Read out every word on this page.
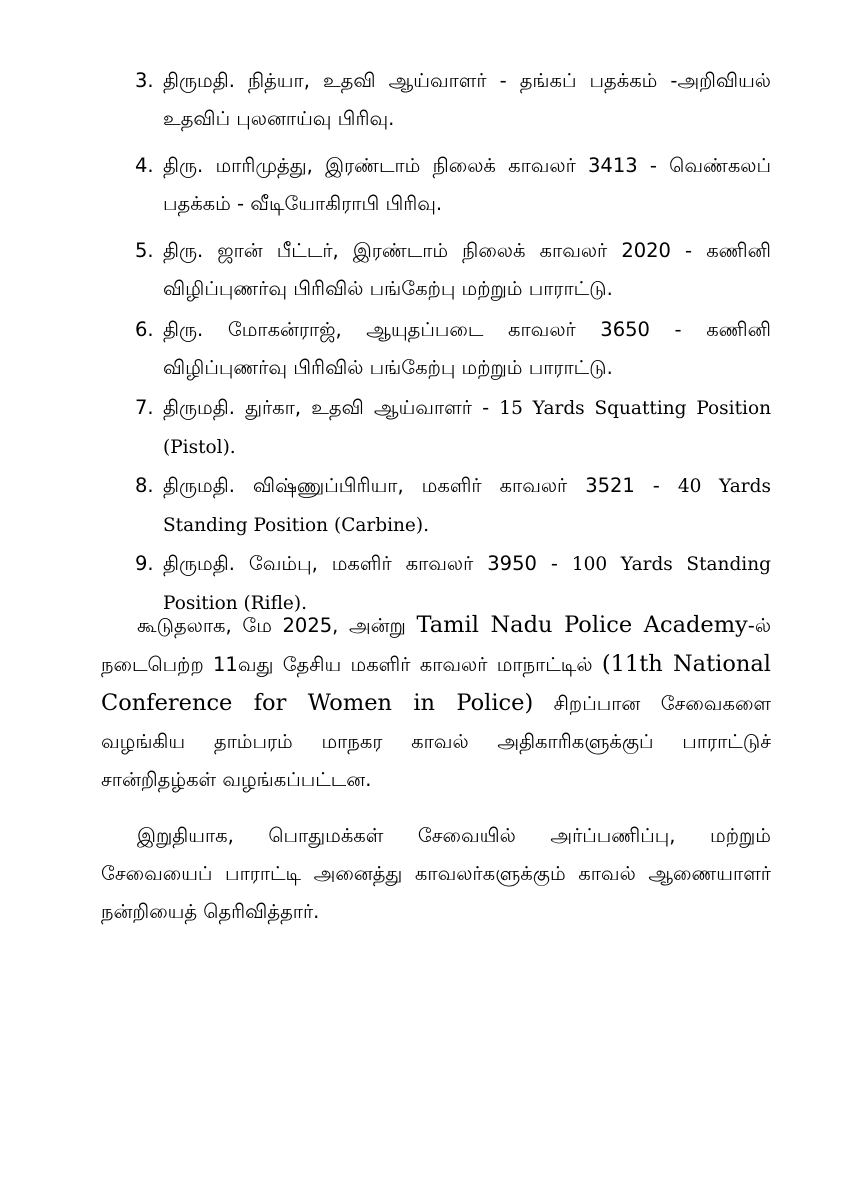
3. திருமதி. நித்யா, உதவி ஆய்வாளர் - தங்கப் பதக்கம் -அறிவியல் உதவிப் புலனாய்வு பிரிவு.
4. திரு. மாரிமுத்து, இரண்டாம் நிலைக் காவலர் 3413 - வெண்கலப் பதக்கம் - வீடியோகிராபி பிரிவு.
5. திரு. ஜான் பீட்டர், இரண்டாம் நிலைக் காவலர் 2020 - கணினி விழிப்புணர்வு பிரிவில் பங்கேற்பு மற்றும் பாராட்டு.
6. திரு. மோகன்ராஜ், ஆயுதப்படை காவலர் 3650 - கணினி விழிப்புணர்வு பிரிவில் பங்கேற்பு மற்றும் பாராட்டு.
7. திருமதி. துர்கா, உதவி ஆய்வாளர் - 15 Yards Squatting Position (Pistol).
8. திருமதி. விஷ்ணுப்பிரியா, மகளிர் காவலர் 3521 - 40 Yards Standing Position (Carbine).
9. திருமதி. வேம்பு, மகளிர் காவலர் 3950 - 100 Yards Standing Position (Rifle).

கூடுதலாக, மே 2025, அன்று Tamil Nadu Police Academy-ல் நடைபெற்ற 11வது தேசிய மகளிர் காவலர் மாநாட்டில் (11th National Conference for Women in Police) சிறப்பான சேவைகளை வழங்கிய தாம்பரம் மாநகர காவல் அதிகாரிகளுக்குப் பாராட்டுச் சான்றிதழ்கள் வழங்கப்பட்டன.

இறுதியாக, பொதுமக்கள் சேவையில் அர்ப்பணிப்பு, மற்றும் சேவையைப் பாராட்டி அனைத்து காவலர்களுக்கும் காவல் ஆணையாளர் நன்றியைத் தெரிவித்தார்.
